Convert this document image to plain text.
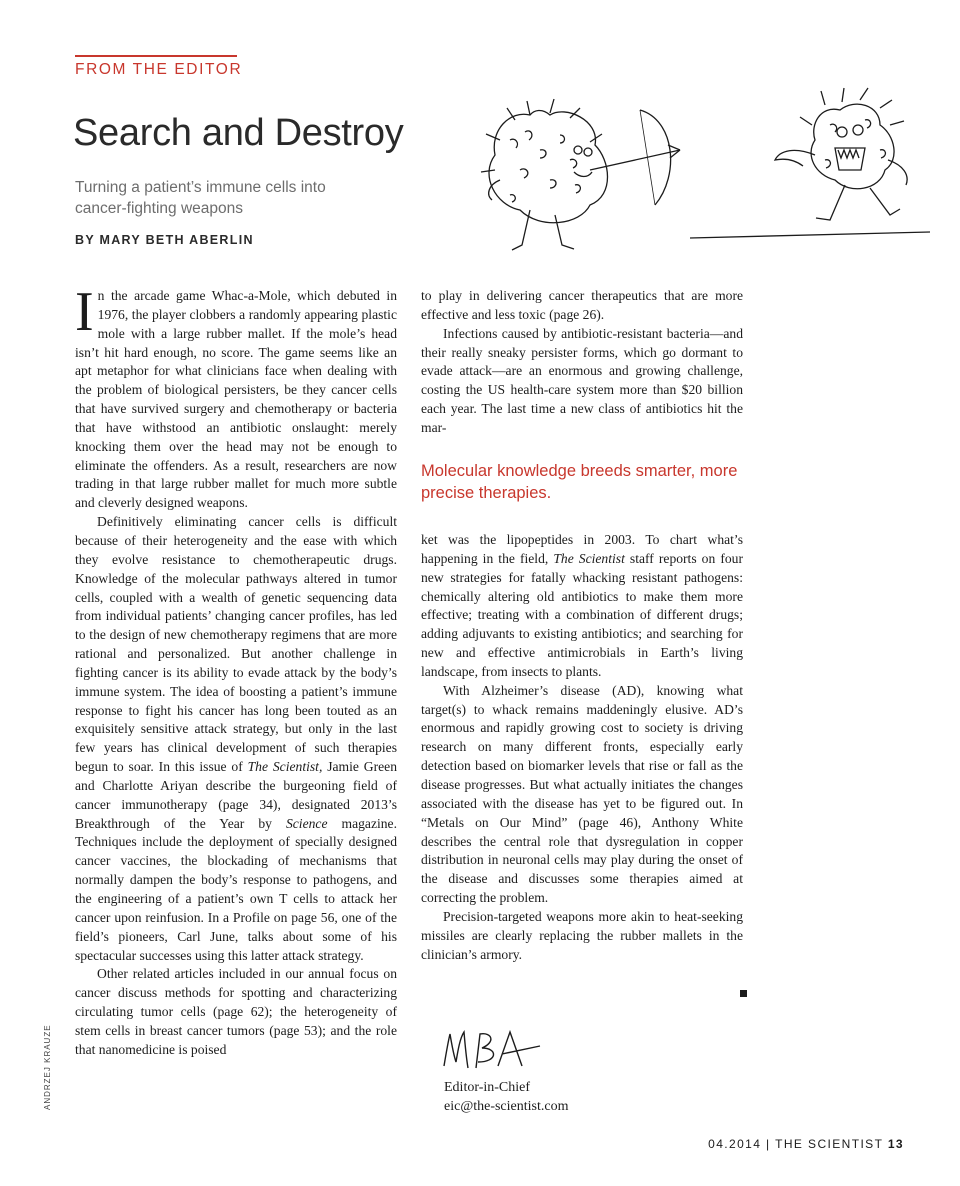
FROM THE EDITOR
Search and Destroy
Turning a patient’s immune cells into cancer-fighting weapons
BY MARY BETH ABERLIN

In the arcade game Whac-a-Mole, which debuted in 1976, the player clobbers a randomly appearing plastic mole with a large rubber mallet. If the mole’s head isn’t hit hard enough, no score. The game seems like an apt metaphor for what clinicians face when dealing with the problem of biological persisters, be they cancer cells that have survived surgery and chemotherapy or bacteria that have withstood an antibiotic onslaught: merely knocking them over the head may not be enough to eliminate the offenders. As a result, researchers are now trading in that large rubber mallet for much more subtle and cleverly designed weapons.

Definitively eliminating cancer cells is difficult because of their heterogeneity and the ease with which they evolve resistance to chemotherapeutic drugs. Knowledge of the molecular pathways altered in tumor cells, coupled with a wealth of genetic sequencing data from individual patients’ changing cancer profiles, has led to the design of new chemotherapy regimens that are more rational and personalized. But another challenge in fighting cancer is its ability to evade attack by the body’s immune system. The idea of boosting a patient’s immune response to fight his cancer has long been touted as an exquisitely sensitive attack strategy, but only in the last few years has clinical development of such therapies begun to soar. In this issue of The Scientist, Jamie Green and Charlotte Ariyan describe the burgeoning field of cancer immunotherapy (page 34), designated 2013’s Breakthrough of the Year by Science magazine. Techniques include the deployment of specially designed cancer vaccines, the blockading of mechanisms that normally dampen the body’s response to pathogens, and the engineering of a patient’s own T cells to attack her cancer upon reinfusion. In a Profile on page 56, one of the field’s pioneers, Carl June, talks about some of his spectacular successes using this latter attack strategy.

Other related articles included in our annual focus on cancer discuss methods for spotting and characterizing circulating tumor cells (page 62); the heterogeneity of stem cells in breast cancer tumors (page 53); and the role that nanomedicine is poised

to play in delivering cancer therapeutics that are more effective and less toxic (page 26).

Infections caused by antibiotic-resistant bacteria—and their really sneaky persister forms, which go dormant to evade attack—are an enormous and growing challenge, costing the US health-care system more than $20 billion each year. The last time a new class of antibiotics hit the mar-

Molecular knowledge breeds smarter, more precise therapies.

ket was the lipopeptides in 2003. To chart what’s happening in the field, The Scientist staff reports on four new strategies for fatally whacking resistant pathogens: chemically altering old antibiotics to make them more effective; treating with a combination of different drugs; adding adjuvants to existing antibiotics; and searching for new and effective antimicrobials in Earth’s living landscape, from insects to plants.

With Alzheimer’s disease (AD), knowing what target(s) to whack remains maddeningly elusive. AD’s enormous and rapidly growing cost to society is driving research on many different fronts, especially early detection based on biomarker levels that rise or fall as the disease progresses. But what actually initiates the changes associated with the disease has yet to be figured out. In “Metals on Our Mind” (page 46), Anthony White describes the central role that dysregulation in copper distribution in neuronal cells may play during the onset of the disease and discusses some therapies aimed at correcting the problem.

Precision-targeted weapons more akin to heat-seeking missiles are clearly replacing the rubber mallets in the clinician’s armory.

Editor-in-Chief
eic@the-scientist.com
ANDRZEJ KRAUZE
04.2014 | THE SCIENTIST 13
